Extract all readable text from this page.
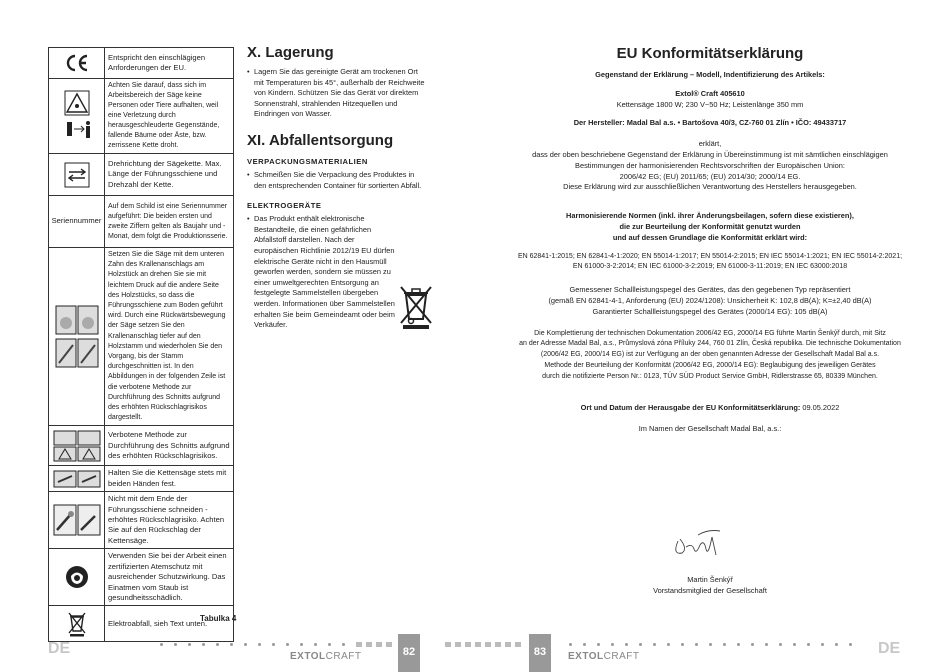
	Entspricht den einschlägigen Anforderungen der EU.

	Achten Sie darauf, dass sich im Arbeitsbereich der Säge keine Personen oder Tiere aufhalten, weil eine Verletzung durch herausgeschleuderte Gegenstände, fallende Bäume oder Äste, bzw. zerrissene Kette droht.

	Drehrichtung der Sägekette. Max. Länge der Führungsschiene und Drehzahl der Kette.
Seriennummer	Auf dem Schild ist eine Seriennummer aufgeführt: Die beiden ersten und zweite Ziffern gelten als Baujahr und -Monat, dem folgt die Produktionsserie.

	Setzen Sie die Säge mit dem unteren Zahn des Krallenanschlags am Holzstück an drehen Sie sie mit leichtem Druck auf die andere Seite des Holzstücks, so dass die Führungsschiene zum Boden geführt wird. Durch eine Rückwärtsbewegung der Säge setzen Sie den Krallenanschlag tiefer auf den Holzstamm und wiederholen Sie den Vorgang, bis der Stamm durchgeschnitten ist. In den Abbildungen in der folgenden Zeile ist die verbotene Methode zur Durchführung des Schnitts aufgrund des erhöhten Rückschlagrisikos dargestellt.

	Verbotene Methode zur Durchführung des Schnitts aufgrund des erhöhten Rückschlagrisikos.

	Halten Sie die Kettensäge stets mit beiden Händen fest.

	Nicht mit dem Ende der Führungsschiene schneiden - erhöhtes Rückschlagrisiko. Achten Sie auf den Rückschlag der Kettensäge.

	Verwenden Sie bei der Arbeit einen zertifizierten Atemschutz mit ausreichender Schutzwirkung. Das Einatmen vom Staub ist gesundheitsschädlich.

	Elektroabfall, sieh Text unten.
Tabulka 4
X. Lagerung

• Lagern Sie das gereinigte Gerät am trockenen Ort mit Temperaturen bis 45°, außerhalb der Reichweite von Kindern. Schützen Sie das Gerät vor direktem Sonnenstrahl, strahlenden Hitzequellen und Eindringen von Wasser.

XI. Abfallentsorgung
VERPACKUNGSMATERIALIEN

• Schmeißen Sie die Verpackung des Produktes in den entsprechenden Container für sortierten Abfall.

ELEKTROGERÄTE

• Das Produkt enthält elektronische Bestandteile, die einen gefährlichen Abfallstoff darstellen. Nach der europäischen Richtlinie 2012/19 EU dürfen elektrische Geräte nicht in den Hausmüll geworfen werden, sondern sie müssen zu einer umweltgerechten Entsorgung an festgelegte Sammelstellen übergeben werden. Informationen über Sammelstellen erhalten Sie beim Gemeindeamt oder beim Verkäufer.

EU Konformitätserklärung

Gegenstand der Erklärung – Modell, Indentifizierung des Artikels:

Extol® Craft 405610

Kettensäge 1800 W; 230 V~50 Hz; Leistenlänge 350 mm

Der Hersteller: Madal Bal a.s. • Bartošova 40/3, CZ-760 01 Zlín • IČO: 49433717

erklärt,

dass der oben beschriebene Gegenstand der Erklärung in Übereinstimmung ist mit sämtlichen einschlägigen

Bestimmungen der harmonisierenden Rechtsvorschriften der Europäischen Union:

2006/42 EG; (EU) 2011/65; (EU) 2014/30; 2000/14 EG.

Diese Erklärung wird zur ausschließlichen Verantwortung des Herstellers herausgegeben.

Harmonisierende Normen (inkl. ihrer Änderungsbeilagen, sofern diese existieren),

die zur Beurteilung der Konformität genutzt wurden

und auf dessen Grundlage die Konformität erklärt wird:

EN 62841-1:2015; EN 62841-4-1:2020; EN 55014-1:2017; EN 55014-2:2015; EN IEC 55014-1:2021; EN IEC 55014-2:2021;

EN 61000-3-2:2014; EN IEC 61000-3-2:2019; EN 61000-3-11:2019; EN IEC 63000:2018

Gemessener Schallleistungspegel des Gerätes, das den gegebenen Typ repräsentiert

(gemäß EN 62841-4-1, Anforderung (EU) 2024/1208): Unsicherheit K: 102,8 dB(A); K=±2,40 dB(A)

Garantierter Schallleistungspegel des Gerätes (2000/14 EG): 105 dB(A)

Die Komplettierung der technischen Dokumentation 2006/42 EG, 2000/14 EG führte Martin Šenkýř durch, mit Sitz

an der Adresse Madal Bal, a.s., Průmyslová zóna Příluky 244, 760 01 Zlín, Česká republika. Die technische Dokumentation

(2006/42 EG, 2000/14 EG) ist zur Verfügung an der oben genannten Adresse der Gesellschaft Madal Bal a.s.

Methode der Beurteilung der Konformität (2006/42 EG, 2000/14 EG): Beglaubigung des jeweiligen Gerätes

durch die notifizierte Person Nr.: 0123, TÜV SÜD Product Service GmbH, Ridlerstrasse 65, 80339 München.

Ort und Datum der Herausgabe der EU Konformitätserklärung: 09.05.2022

Im Namen der Gesellschaft Madal Bal, a.s.:

Martin Šenkýř
Vorstandsmitglied der Gesellschaft
DE	DE
EXTOLCRAFT	EXTOLCRAFT
82	83
